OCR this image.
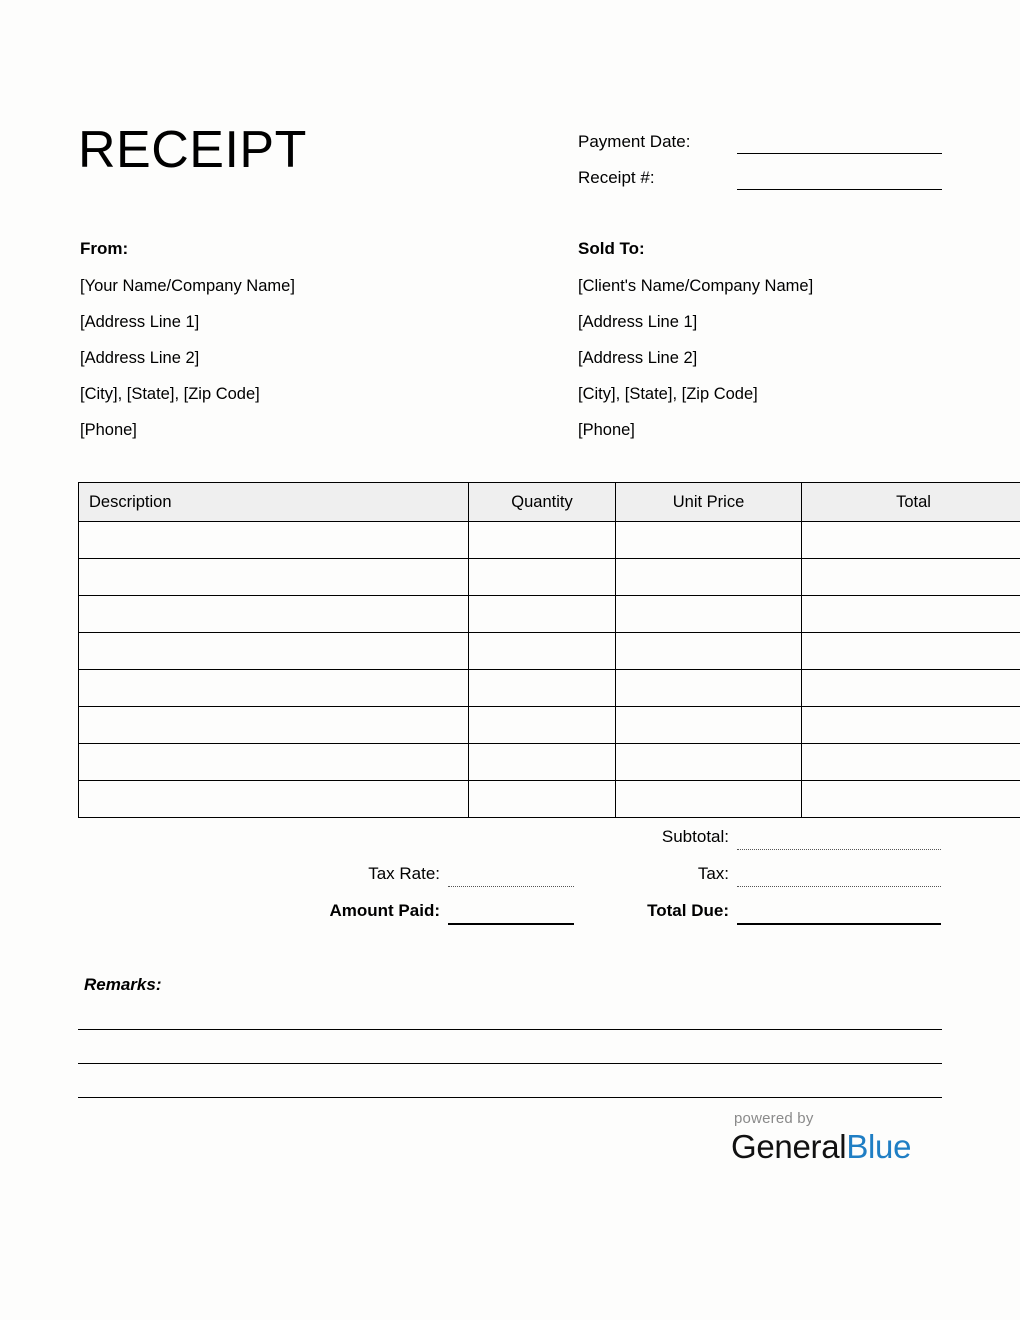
RECEIPT	Payment Date:
Receipt #:
From:
[Your Name/Company Name]
[Address Line 1]
[Address Line 2]
[City], [State], [Zip Code]
[Phone]
Sold To:
[Client's Name/Company Name]
[Address Line 1]
[Address Line 2]
[City], [State], [Zip Code]
[Phone]
Description	Quantity	Unit Price	Total

Subtotal:
Tax Rate:	Tax:
Amount Paid:	Total Due:
Remarks:
powered by
GeneralBlue
